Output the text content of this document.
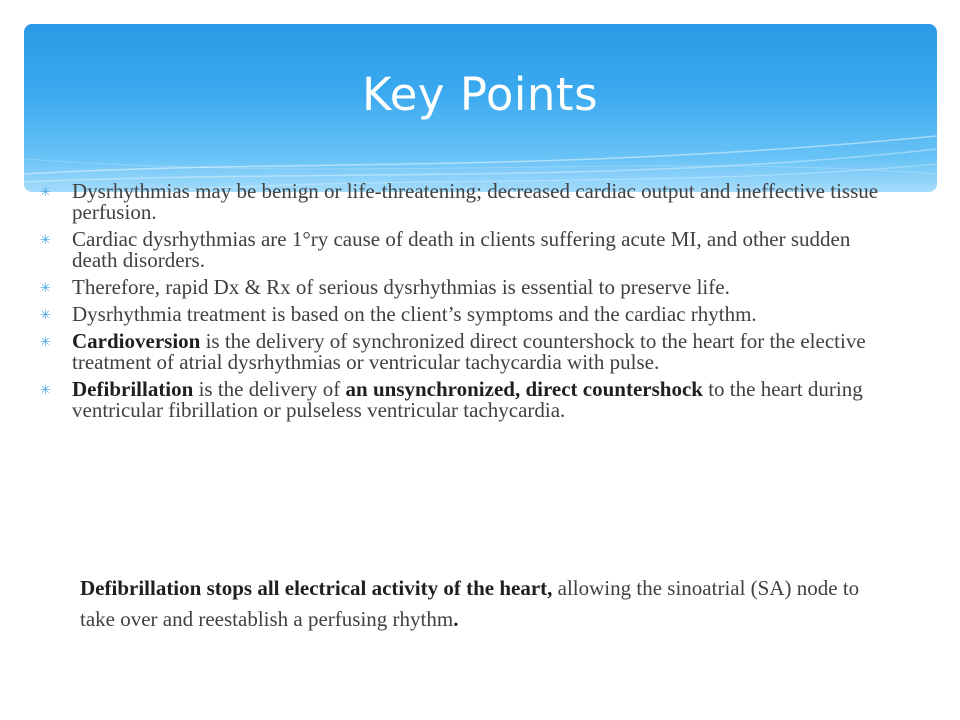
Key Points
✳ Dysrhythmias may be benign or life-threatening; decreased cardiac output and ineffective tissue perfusion.
✳ Cardiac dysrhythmias are 1°ry cause of death in clients suffering acute MI, and other sudden death disorders.
✳ Therefore, rapid Dx & Rx of serious dysrhythmias is essential to preserve life.
✳ Dysrhythmia treatment is based on the client’s symptoms and the cardiac rhythm.
✳ Cardioversion is the delivery of synchronized direct countershock to the heart for the elective treatment of atrial dysrhythmias or ventricular tachycardia with pulse.
✳ Defibrillation is the delivery of an unsynchronized, direct countershock to the heart during ventricular fibrillation or pulseless ventricular tachycardia.

Defibrillation stops all electrical activity of the heart, allowing the sinoatrial (SA) node to take over and reestablish a perfusing rhythm.
